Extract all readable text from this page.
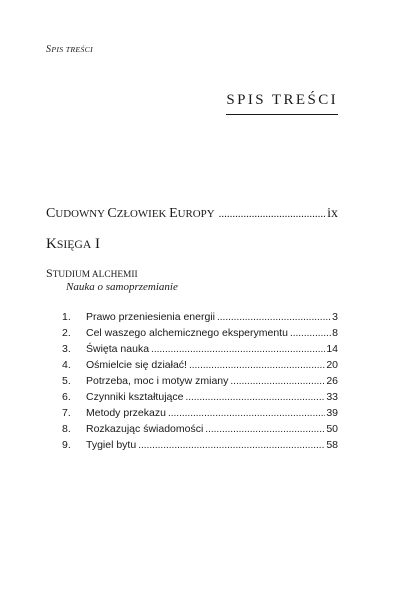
SPIS TREŚCI
SPIS TREŚCI
CUDOWNY CZŁOWIEK EUROPY .....	ix
KSIĘGA I
STUDIUM ALCHEMII
Nauka o samoprzemianie
1.	Prawo przeniesienia energii .....	3
2.	Cel waszego alchemicznego eksperymentu .....	8
3.	Święta nauka .....	14
4.	Ośmielcie się działać! .....	20
5.	Potrzeba, moc i motyw zmiany .....	26
6.	Czynniki kształtujące .....	33
7.	Metody przekazu .....	39
8.	Rozkazując świadomości .....	50
9.	Tygiel bytu .....	58
